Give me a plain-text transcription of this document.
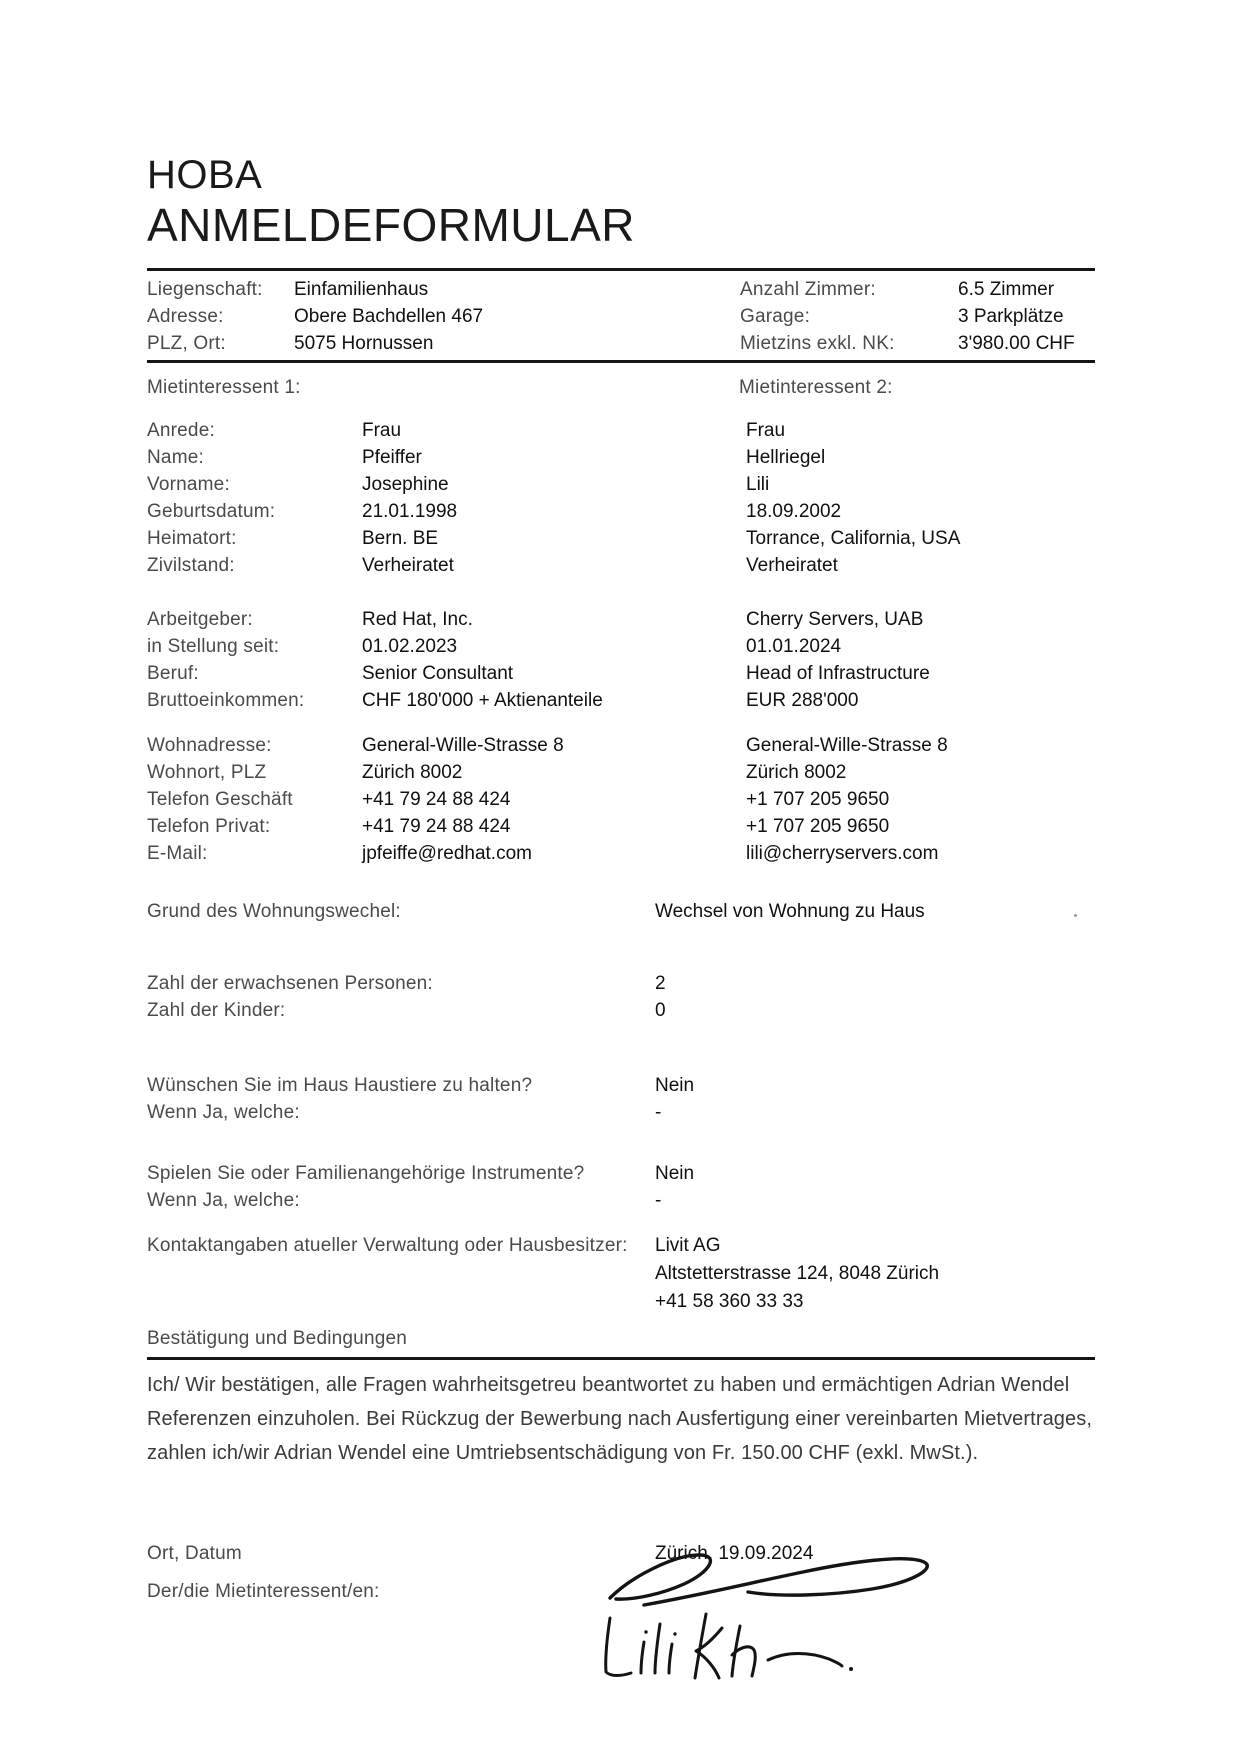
HOBA
ANMELDEFORMULAR
Liegenschaft:	Einfamilienhaus	Anzahl Zimmer:	6.5 Zimmer
Adresse:	Obere Bachdellen 467	Garage:	3 Parkplätze
PLZ, Ort:	5075 Hornussen	Mietzins exkl. NK:	3'980.00 CHF
Mietinteressent 1:	Mietinteressent 2:
Anrede:	Frau	Frau
Name:	Pfeiffer	Hellriegel
Vorname:	Josephine	Lili
Geburtsdatum:	21.01.1998	18.09.2002
Heimatort:	Bern. BE	Torrance, California, USA
Zivilstand:	Verheiratet	Verheiratet
Arbeitgeber:	Red Hat, Inc.	Cherry Servers, UAB
in Stellung seit:	01.02.2023	01.01.2024
Beruf:	Senior Consultant	Head of Infrastructure
Bruttoeinkommen:	CHF 180'000 + Aktienanteile	EUR 288'000
Wohnadresse:	General-Wille-Strasse 8	General-Wille-Strasse 8
Wohnort, PLZ	Zürich 8002	Zürich 8002
Telefon Geschäft	+41 79 24 88 424	+1 707 205 9650
Telefon Privat:	+41 79 24 88 424	+1 707 205 9650
E-Mail:	jpfeiffe@redhat.com	lili@cherryservers.com
Grund des Wohnungswechel:	Wechsel von Wohnung zu Haus
Zahl der erwachsenen Personen:	2
Zahl der Kinder:	0
Wünschen Sie im Haus Haustiere zu halten?	Nein
Wenn Ja, welche:	-
Spielen Sie oder Familienangehörige Instrumente?	Nein
Wenn Ja, welche:	-
Kontaktangaben atueller Verwaltung oder Hausbesitzer:	Livit AG
Altstetterstrasse 124, 8048 Zürich
+41 58 360 33 33
Bestätigung und Bedingungen
Ich/ Wir bestätigen, alle Fragen wahrheitsgetreu beantwortet zu haben und ermächtigen Adrian Wendel
Referenzen einzuholen. Bei Rückzug der Bewerbung nach Ausfertigung einer vereinbarten Mietvertrages,
zahlen ich/wir Adrian Wendel eine Umtriebsentschädigung von Fr. 150.00 CHF (exkl. MwSt.).
Ort, Datum	Zürich, 19.09.2024
Der/die Mietinteressent/en:
